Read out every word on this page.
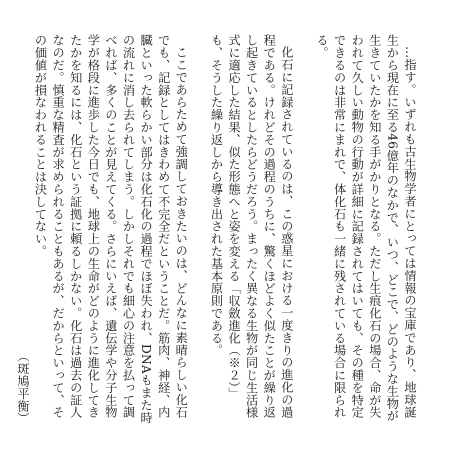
…指す。いずれも古生物学者にとっては情報の宝庫であり、地球誕生から現在に至る46億年のなかで、いつ、どこで、どのような生物が生きていたかを知る手がかりとなる。ただし生痕化石の場合、命が失われて久しい動物の行動が詳細に記録されてはいても、その種を特定できるのは非常にまれで、体化石も一緒に残されている場合に限られる。

化石に記録されているのは、この惑星における一度きりの進化の過程である。けれどその過程のうちに、驚くほどよく似たことが繰り返し起きているとしたらどうだろう。まったく異なる生物が同じ生活様式に適応した結果、似た形態へと姿を変える「収斂進化（※２）」も、そうした繰り返しから導き出された基本原則である。

ここであらためて強調しておきたいのは、どんなに素晴らしい化石でも、記録としてはきわめて不完全だということだ。筋肉、神経、内臓といった軟らかい部分は化石化の過程でほぼ失われ、DNAもまた時の流れに消し去られてしまう。しかしそれでも細心の注意を払って調べれば、多くのことが見えてくる。さらにいえば、遺伝学や分子生物学が格段に進歩した今日でも、地球上の生命がどのように進化してきたかを知るには、化石という証拠に頼るしかない。化石は過去の証人なのだ。慎重な精査が求められることもあるが、だからといって、その価値が損なわれることは決してない。

（斑鳩平衡）
